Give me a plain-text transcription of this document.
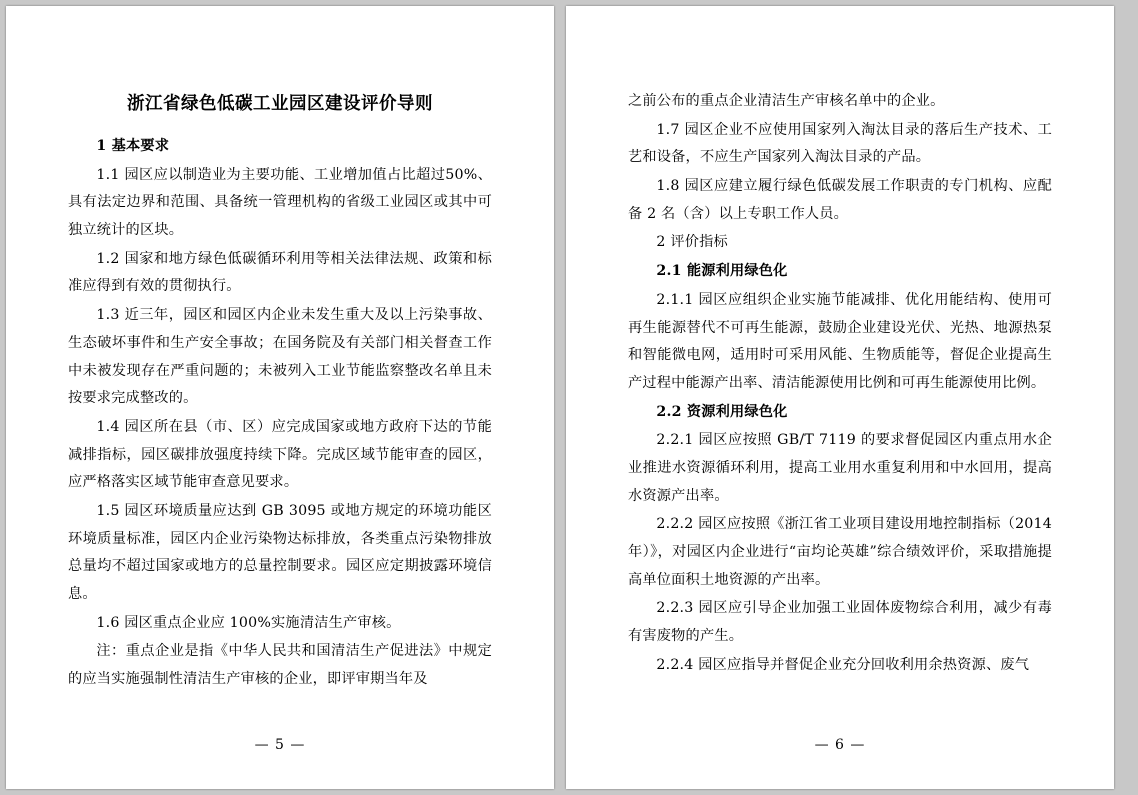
浙江省绿色低碳工业园区建设评价导则

1 基本要求

1.1 园区应以制造业为主要功能、工业增加值占比超过50%、具有法定边界和范围、具备统一管理机构的省级工业园区或其中可独立统计的区块。

1.2 国家和地方绿色低碳循环利用等相关法律法规、政策和标准应得到有效的贯彻执行。

1.3 近三年，园区和园区内企业未发生重大及以上污染事故、生态破坏事件和生产安全事故；在国务院及有关部门相关督查工作中未被发现存在严重问题的；未被列入工业节能监察整改名单且未按要求完成整改的。

1.4 园区所在县（市、区）应完成国家或地方政府下达的节能减排指标，园区碳排放强度持续下降。完成区域节能审查的园区，应严格落实区域节能审查意见要求。

1.5 园区环境质量应达到 GB 3095 或地方规定的环境功能区环境质量标准，园区内企业污染物达标排放，各类重点污染物排放总量均不超过国家或地方的总量控制要求。园区应定期披露环境信息。

1.6 园区重点企业应 100%实施清洁生产审核。

注：重点企业是指《中华人民共和国清洁生产促进法》中规定的应当实施强制性清洁生产审核的企业，即评审期当年及

— 5 —

之前公布的重点企业清洁生产审核名单中的企业。

1.7 园区企业不应使用国家列入淘汰目录的落后生产技术、工艺和设备，不应生产国家列入淘汰目录的产品。

1.8 园区应建立履行绿色低碳发展工作职责的专门机构、应配备 2 名（含）以上专职工作人员。

2 评价指标

2.1 能源利用绿色化

2.1.1 园区应组织企业实施节能减排、优化用能结构、使用可再生能源替代不可再生能源，鼓励企业建设光伏、光热、地源热泵和智能微电网，适用时可采用风能、生物质能等，督促企业提高生产过程中能源产出率、清洁能源使用比例和可再生能源使用比例。

2.2 资源利用绿色化

2.2.1 园区应按照 GB/T 7119 的要求督促园区内重点用水企业推进水资源循环利用，提高工业用水重复利用和中水回用，提高水资源产出率。

2.2.2 园区应按照《浙江省工业项目建设用地控制指标（2014 年）》，对园区内企业进行“亩均论英雄”综合绩效评价，采取措施提高单位面积土地资源的产出率。

2.2.3 园区应引导企业加强工业固体废物综合利用，减少有毒有害废物的产生。

2.2.4 园区应指导并督促企业充分回收利用余热资源、废气

— 6 —
